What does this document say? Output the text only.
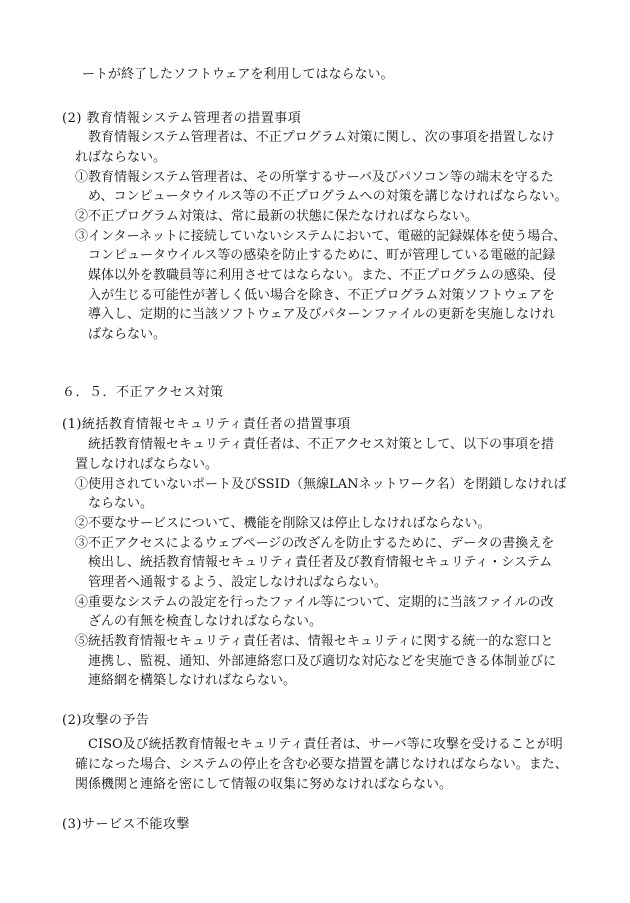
ートが終了したソフトウェアを利用してはならない。
(2) 教育情報システム管理者の措置事項
教育情報システム管理者は、不正プログラム対策に関し、次の事項を措置しなけ
ればならない。
①教育情報システム管理者は、その所掌するサーバ及びパソコン等の端末を守るた
め、コンピュータウイルス等の不正プログラムへの対策を講じなければならない。
②不正プログラム対策は、常に最新の状態に保たなければならない。
③インターネットに接続していないシステムにおいて、電磁的記録媒体を使う場合、
コンピュータウイルス等の感染を防止するために、町が管理している電磁的記録
媒体以外を教職員等に利用させてはならない。また、不正プログラムの感染、侵
入が生じる可能性が著しく低い場合を除き、不正プログラム対策ソフトウェアを
導入し、定期的に当該ソフトウェア及びパターンファイルの更新を実施しなけれ
ばならない。
６．５．不正アクセス対策
(1)統括教育情報セキュリティ責任者の措置事項
統括教育情報セキュリティ責任者は、不正アクセス対策として、以下の事項を措
置しなければならない。
①使用されていないポート及びSSID（無線LANネットワーク名）を閉鎖しなければ
ならない。
②不要なサービスについて、機能を削除又は停止しなければならない。
③不正アクセスによるウェブページの改ざんを防止するために、データの書換えを
検出し、統括教育情報セキュリティ責任者及び教育情報セキュリティ・システム
管理者へ通報するよう、設定しなければならない。
④重要なシステムの設定を行ったファイル等について、定期的に当該ファイルの改
ざんの有無を検査しなければならない。
⑤統括教育情報セキュリティ責任者は、情報セキュリティに関する統一的な窓口と
連携し、監視、通知、外部連絡窓口及び適切な対応などを実施できる体制並びに
連絡網を構築しなければならない。
(2)攻撃の予告
CISO及び統括教育情報セキュリティ責任者は、サーバ等に攻撃を受けることが明
確になった場合、システムの停止を含む必要な措置を講じなければならない。また、
関係機関と連絡を密にして情報の収集に努めなければならない。
(3)サービス不能攻撃
